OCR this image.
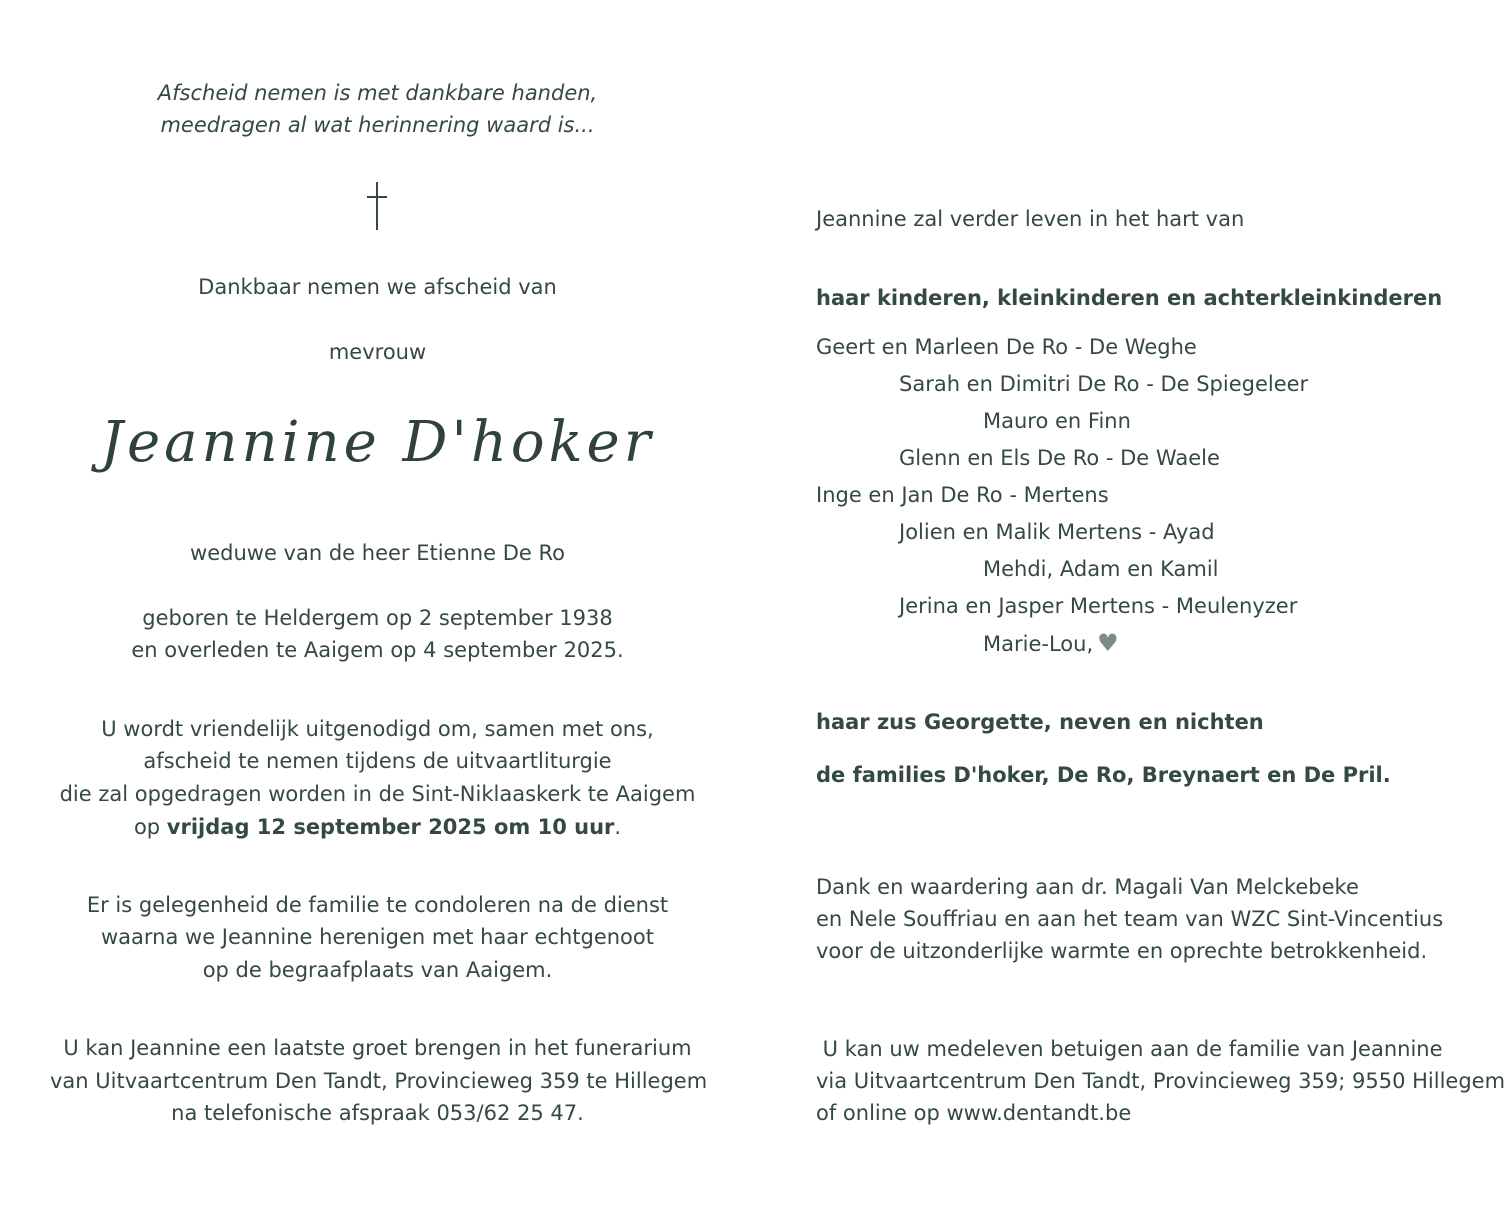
Afscheid nemen is met dankbare handen,
meedragen al wat herinnering waard is...
Dankbaar nemen we afscheid van
mevrouw
weduwe van de heer Etienne De Ro
geboren te Heldergem op 2 september 1938
en overleden te Aaigem op 4 september 2025.
U wordt vriendelijk uitgenodigd om, samen met ons,
afscheid te nemen tijdens de uitvaartliturgie
die zal opgedragen worden in de Sint-Niklaaskerk te Aaigem
op vrijdag 12 september 2025 om 10 uur.
Er is gelegenheid de familie te condoleren na de dienst
waarna we Jeannine herenigen met haar echtgenoot
op de begraafplaats van Aaigem.
U kan Jeannine een laatste groet brengen in het funerarium
van Uitvaartcentrum Den Tandt, Provincieweg 359 te Hillegem
na telefonische afspraak 053/62 25 47.
Jeannine D'hoker
Jeannine zal verder leven in het hart van
haar kinderen, kleinkinderen en achterkleinkinderen
Geert en Marleen De Ro - De Weghe
Sarah en Dimitri De Ro - De Spiegeleer
Mauro en Finn
Glenn en Els De Ro - De Waele
Inge en Jan De Ro - Mertens
Jolien en Malik Mertens - Ayad
Mehdi, Adam en Kamil
Jerina en Jasper Mertens - Meulenyzer
Marie-Lou, ♥
haar zus Georgette, neven en nichten
de families D'hoker, De Ro, Breynaert en De Pril.
Dank en waardering aan dr. Magali Van Melckebeke
en Nele Souffriau en aan het team van WZC Sint-Vincentius
voor de uitzonderlijke warmte en oprechte betrokkenheid.
U kan uw medeleven betuigen aan de familie van Jeannine
via Uitvaartcentrum Den Tandt, Provincieweg 359; 9550 Hillegem
of online op www.dentandt.be
